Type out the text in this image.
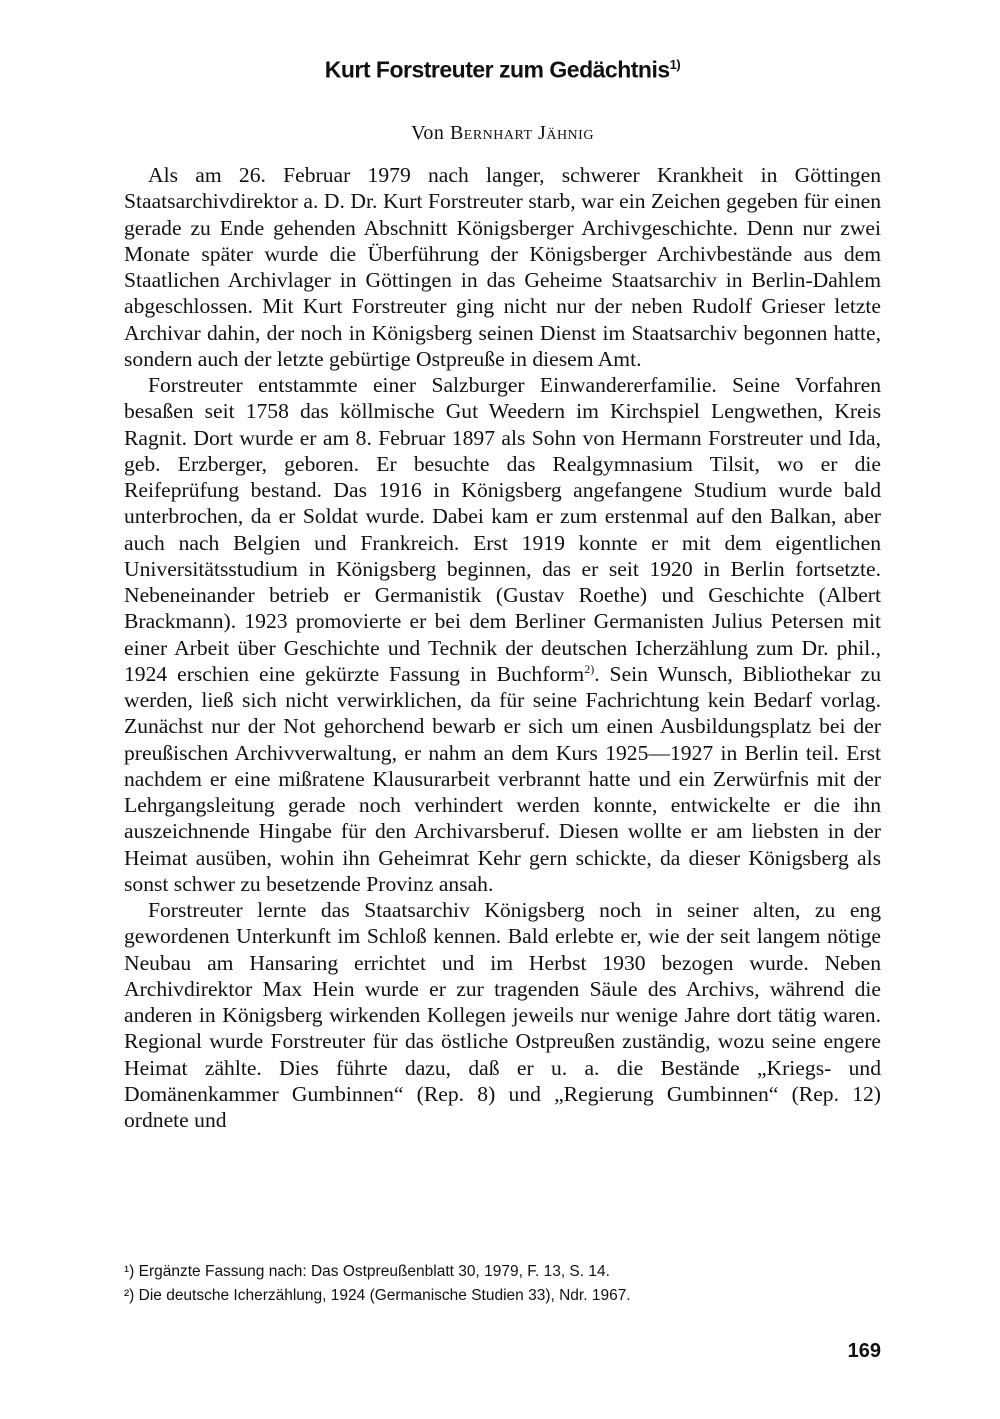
Kurt Forstreuter zum Gedächtnis$^{1)}$
Von Bernhart Jähnig

Als am 26. Februar 1979 nach langer, schwerer Krankheit in Göttingen Staatsarchivdirektor a. D. Dr. Kurt Forstreuter starb, war ein Zeichen gegeben für einen gerade zu Ende gehenden Abschnitt Königsberger Archivgeschichte. Denn nur zwei Monate später wurde die Überführung der Königsberger Archivbestände aus dem Staatlichen Archivlager in Göttingen in das Geheime Staatsarchiv in Berlin-Dahlem abgeschlossen. Mit Kurt Forstreuter ging nicht nur der neben Rudolf Grieser letzte Archivar dahin, der noch in Königsberg seinen Dienst im Staatsarchiv begonnen hatte, sondern auch der letzte gebürtige Ostpreuße in diesem Amt.

Forstreuter entstammte einer Salzburger Einwandererfamilie. Seine Vorfahren besaßen seit 1758 das köllmische Gut Weedern im Kirchspiel Lengwethen, Kreis Ragnit. Dort wurde er am 8. Februar 1897 als Sohn von Hermann Forstreuter und Ida, geb. Erzberger, geboren. Er besuchte das Realgymnasium Tilsit, wo er die Reifeprüfung bestand. Das 1916 in Königsberg angefangene Studium wurde bald unterbrochen, da er Soldat wurde. Dabei kam er zum erstenmal auf den Balkan, aber auch nach Belgien und Frankreich. Erst 1919 konnte er mit dem eigentlichen Universitätsstudium in Königsberg beginnen, das er seit 1920 in Berlin fortsetzte. Nebeneinander betrieb er Germanistik (Gustav Roethe) und Geschichte (Albert Brackmann). 1923 promovierte er bei dem Berliner Germanisten Julius Petersen mit einer Arbeit über Geschichte und Technik der deutschen Icherzählung zum Dr. phil., 1924 erschien eine gekürzte Fassung in Buchform$^{2)}$. Sein Wunsch, Bibliothekar zu werden, ließ sich nicht verwirklichen, da für seine Fachrichtung kein Bedarf vorlag. Zunächst nur der Not gehorchend bewarb er sich um einen Ausbildungsplatz bei der preußischen Archivverwaltung, er nahm an dem Kurs 1925—1927 in Berlin teil. Erst nachdem er eine mißratene Klausurarbeit verbrannt hatte und ein Zerwürfnis mit der Lehrgangsleitung gerade noch verhindert werden konnte, entwickelte er die ihn auszeichnende Hingabe für den Archivarsberuf. Diesen wollte er am liebsten in der Heimat ausüben, wohin ihn Geheimrat Kehr gern schickte, da dieser Königsberg als sonst schwer zu besetzende Provinz ansah.

Forstreuter lernte das Staatsarchiv Königsberg noch in seiner alten, zu eng gewordenen Unterkunft im Schloß kennen. Bald erlebte er, wie der seit langem nötige Neubau am Hansaring errichtet und im Herbst 1930 bezogen wurde. Neben Archivdirektor Max Hein wurde er zur tragenden Säule des Archivs, während die anderen in Königsberg wirkenden Kollegen jeweils nur wenige Jahre dort tätig waren. Regional wurde Forstreuter für das östliche Ostpreußen zuständig, wozu seine engere Heimat zählte. Dies führte dazu, daß er u. a. die Bestände „Kriegs- und Domänenkammer Gumbinnen“ (Rep. 8) und „Regierung Gumbinnen“ (Rep. 12) ordnete und

¹) Ergänzte Fassung nach: Das Ostpreußenblatt 30, 1979, F. 13, S. 14.
²) Die deutsche Icherzählung, 1924 (Germanische Studien 33), Ndr. 1967.
169
